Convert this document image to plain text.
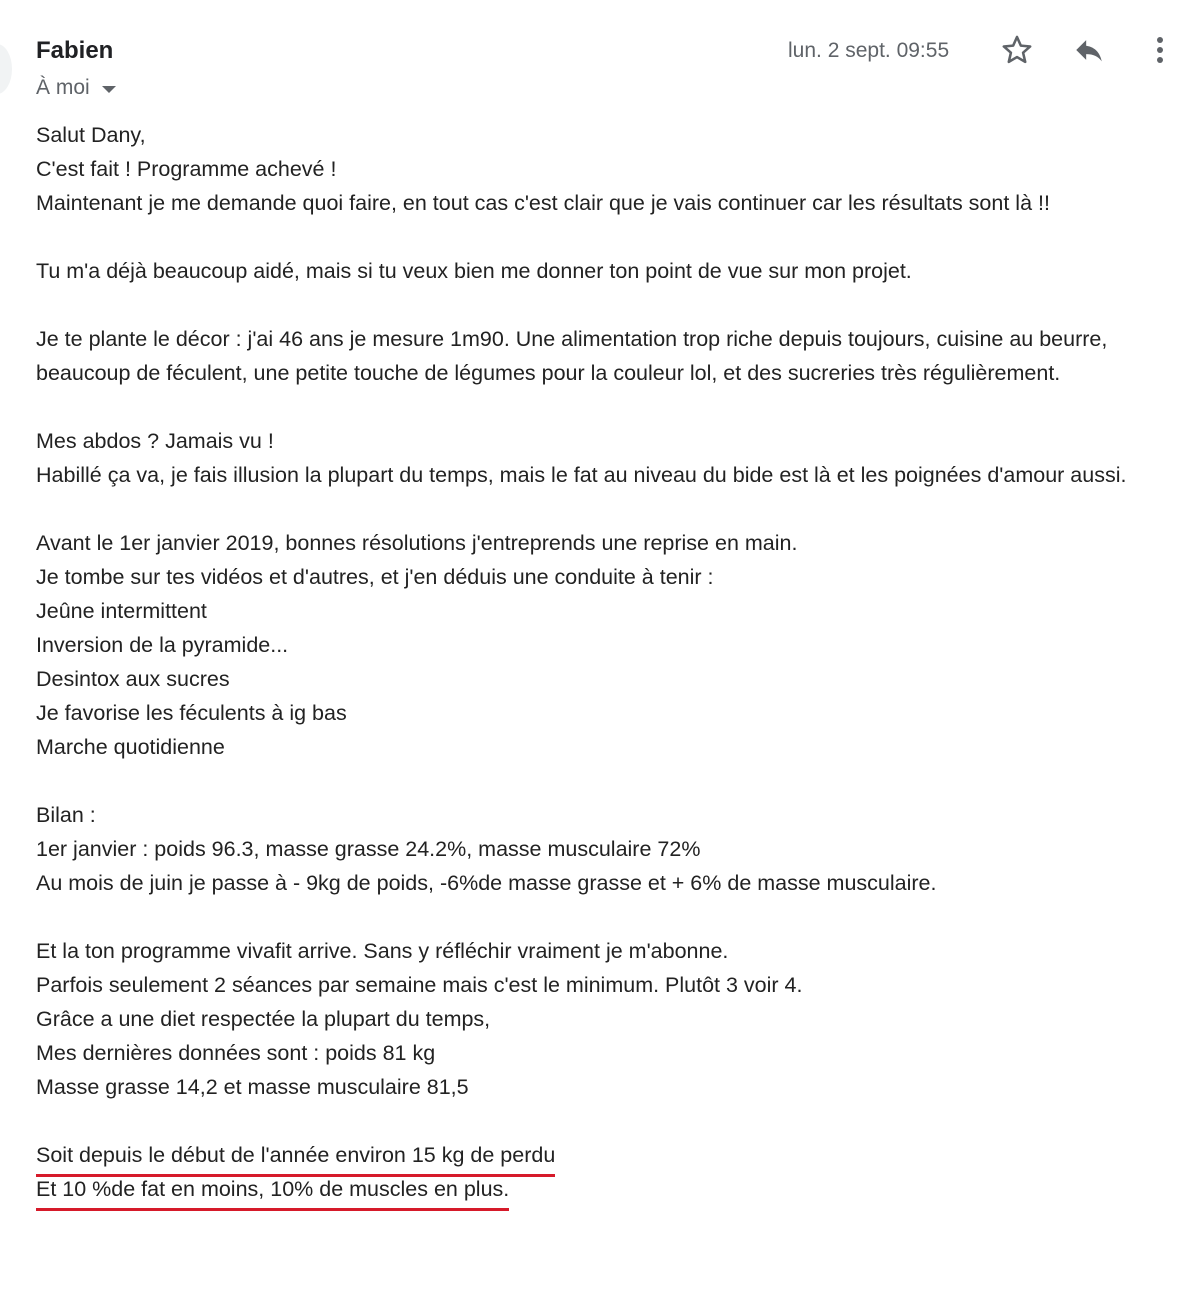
Fabien
À moi
lun. 2 sept. 09:55
Salut Dany,
C'est fait ! Programme achevé !
Maintenant je me demande quoi faire, en tout cas c'est clair que je vais continuer car les résultats sont là !!
Tu m'a déjà beaucoup aidé, mais si tu veux bien me donner ton point de vue sur mon projet.
Je te plante le décor : j'ai 46 ans je mesure 1m90. Une alimentation trop riche depuis toujours, cuisine au beurre, beaucoup de féculent, une petite touche de légumes pour la couleur lol, et des sucreries très régulièrement.
Mes abdos ? Jamais vu !
Habillé ça va, je fais illusion la plupart du temps, mais le fat au niveau du bide est là et les poignées d'amour aussi.
Avant le 1er janvier 2019, bonnes résolutions j'entreprends une reprise en main.
Je tombe sur tes vidéos et d'autres, et j'en déduis une conduite à tenir :
Jeûne intermittent
Inversion de la pyramide...
Desintox aux sucres
Je favorise les féculents à ig bas
Marche quotidienne
Bilan :
1er janvier : poids 96.3, masse grasse 24.2%, masse musculaire 72%
Au mois de juin je passe à - 9kg de poids, -6%de masse grasse et + 6% de masse musculaire.
Et la ton programme vivafit arrive. Sans y réfléchir vraiment je m'abonne.
Parfois seulement 2 séances par semaine mais c'est le minimum. Plutôt 3 voir 4.
Grâce a une diet respectée la plupart du temps,
Mes dernières données sont : poids 81 kg
Masse grasse 14,2 et masse musculaire 81,5
Soit depuis le début de l'année environ 15 kg de perdu
Et 10 %de fat en moins, 10% de muscles en plus.
